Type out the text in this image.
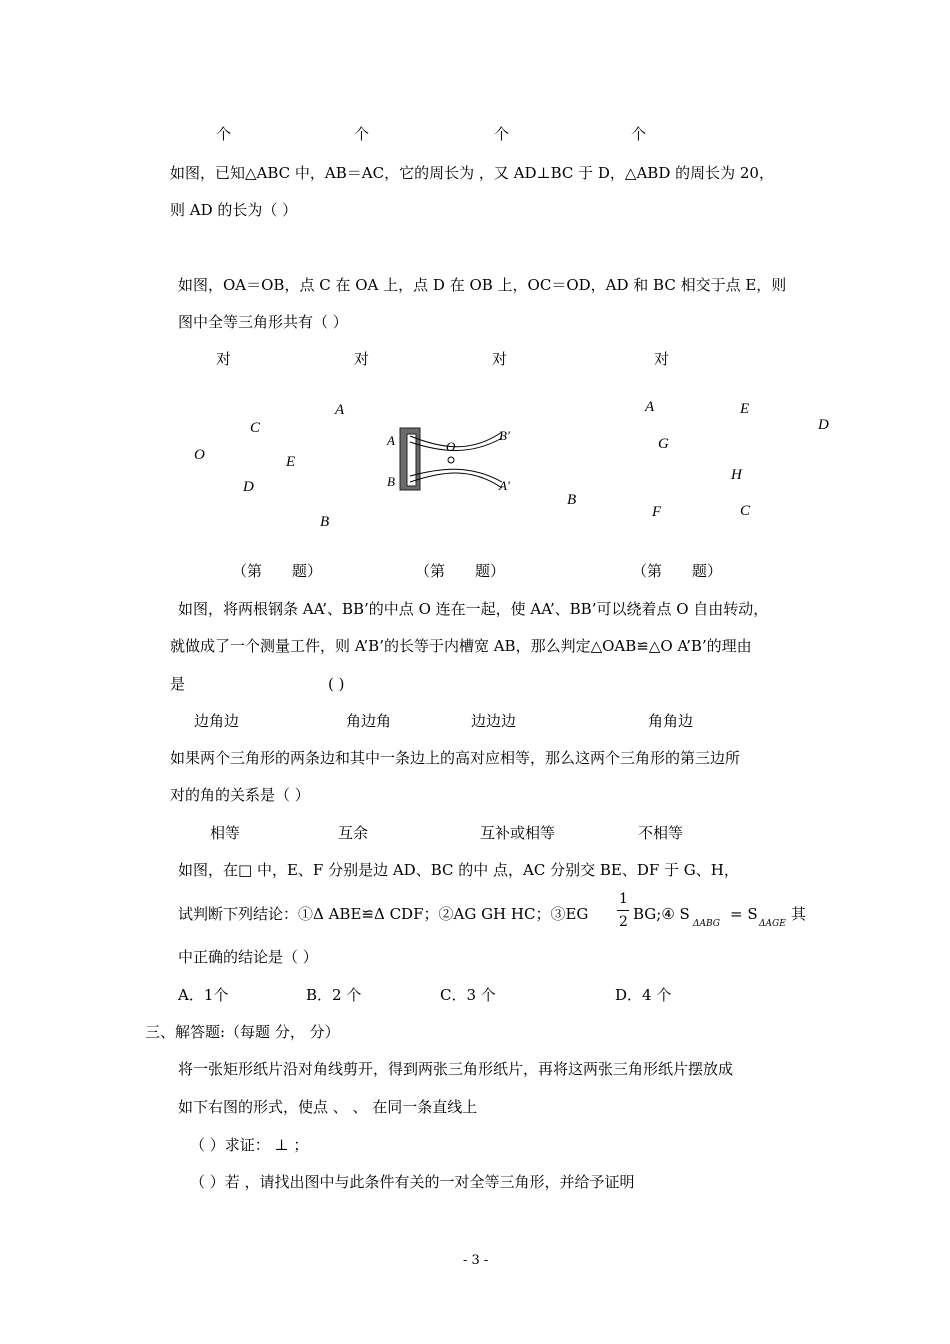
个	个	个	个
如图，已知△ABC 中，AB＝AC，它的周长为 ，又 AD⊥BC 于 D，△ABD 的周长为 20，
则 AD 的长为（ ）
如图，OA＝OB，点 C 在 OA 上，点 D 在 OB 上，OC＝OD，AD 和 BC 相交于点 E，则
图中全等三角形共有（ ）
对	对	对	对
A
C
O	E
D
B
A
B
O
B'
A'
A	E
D
G
H
B
F	C
（第　　题）	（第　　题）	（第　　题）
如图，将两根钢条 AA’、BB’的中点 O 连在一起，使 AA’、BB’可以绕着点 O 自由转动，
就做成了一个测量工件，则 A’B’的长等于内槽宽 AB，那么判定△OAB≌△O A’B’的理由
是	( )
边角边	角边角	边边边	角角边
如果两个三角形的两条边和其中一条边上的高对应相等，那么这两个三角形的第三边所
对的角的关系是（ ）
相等	互余	互补或相等	不相等
如图，在□ 中，E、F 分别是边 AD、BC 的中 点，AC 分别交 BE、DF 于 G、H，
试判断下列结论：①Δ ABE≌Δ CDF；②AG GH HC；③EG
1
2 BG;④ S
ΔABG
= S
ΔAGE
其
中正确的结论是（ ）
A．1个	B．2 个	C．3 个	D．4 个
三、解答题:（每题 分， 分）
将一张矩形纸片沿对角线剪开，得到两张三角形纸片，再将这两张三角形纸片摆放成
如下右图的形式，使点 、 、 在同一条直线上
（ ）求证： ⊥ ；
（ ）若 ，请找出图中与此条件有关的一对全等三角形，并给予证明
- 3 -
